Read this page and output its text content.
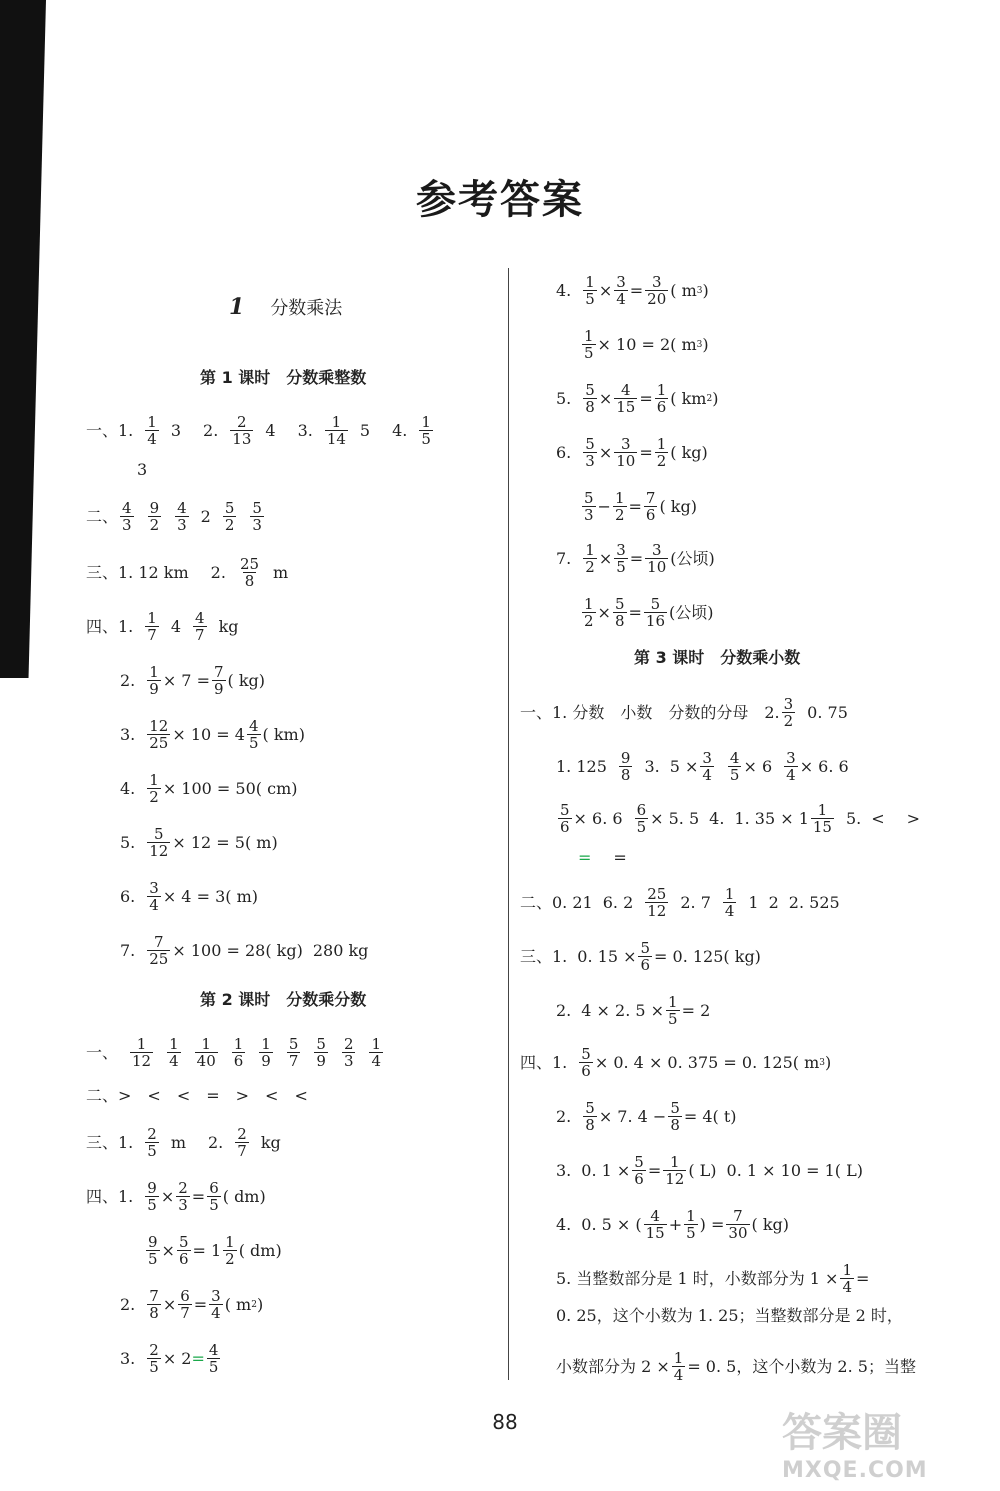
参考答案
1 分数乘法
第 1 课时　分数乘整数
一、1. $\frac{1}{4} 3$
2. $\frac{2}{13} 4$
3. $\frac{1}{14} 5$
4. $\frac{1}{5}$
3
二、 $\frac{4}{3} \frac{9}{2} \frac{4}{3} 2 \frac{5}{2} \frac{5}{3}$
三、1. 12 km 2. $\frac{25}{8}$ m
四、1. $\frac{1}{7} 4 \frac{4}{7}$ kg
2. $\frac{1}{9} \times 7 = \frac{7}{9}$ ( kg)
3. $\frac{12}{25} \times 10 = 4 \frac{4}{5}$ ( km)
4. $\frac{1}{2} \times 100 = 50$( cm)
5. $\frac{5}{12} \times 12 = 5$( m)
6. $\frac{3}{4} \times 4 = 3$( m)
7. $\frac{7}{25} \times 100 = 28$( kg) 280 kg
第 2 课时　分数乘分数
一、 $\frac{1}{12} \frac{1}{4} \frac{1}{40} \frac{1}{6} \frac{1}{9} \frac{5}{7} \frac{5}{9} \frac{2}{3} \frac{1}{4}$
二、>　<　<　=　>　<　<
三、1. $\frac{2}{5}$ m 2. $\frac{2}{7}$ kg
四、1. $\frac{9}{5} \times \frac{2}{3} = \frac{6}{5}$ ( dm)
$\frac{9}{5} \times \frac{5}{6} = 1 \frac{1}{2}$ ( dm)
2. $\frac{7}{8} \times \frac{6}{7} = \frac{3}{4}$ ( m 2 )
3. $\frac{2}{5} \times 2 = \frac{4}{5}$
4. $\frac{1}{5} \times \frac{3}{4} = \frac{3}{20}$ ( m 3 )
$\frac{1}{5} \times 10 = 2$( m 3 )
5. $\frac{5}{8} \times \frac{4}{15} = \frac{1}{6}$ ( km 2 )
6. $\frac{5}{3} \times \frac{3}{10} = \frac{1}{2}$ ( kg)
$\frac{5}{3} - \frac{1}{2} = \frac{7}{6}$ ( kg)
7. $\frac{1}{2} \times \frac{3}{5} = \frac{3}{10}$ (公顷)
$\frac{1}{2} \times \frac{5}{8} = \frac{5}{16}$ (公顷)
第 3 课时　分数乘小数
一、1. 分数　小数　分数的分母　2. $\frac{3}{2} 0$. 75
1. $125 \frac{9}{8} 3$. $5 \times \frac{3}{4} \frac{4}{5} \times 6 \frac{3}{4} \times 6$. 6
$\frac{5}{6} \times 6$. $6 \frac{6}{5} \times 5$. 5 4. 1. $35 \times 1 \frac{1}{15} 5$. < >
= =
二、0. 21 6. $2 \frac{25}{12} 2$. $7 \frac{1}{4} 1$ 2 2. 525
三、1. 0. $15 \times \frac{5}{6} = 0$. 125( kg)
2. 4 × 2. $5 \times \frac{1}{5} = 2$
四、1. $\frac{5}{6} \times 0$. 4 × 0. 375 = 0. 125( m 3 )
2. $\frac{5}{8} \times 7$. $4 - \frac{5}{8} = 4$( t)
3. 0. $1 \times \frac{5}{6} = \frac{1}{12}$ ( L) 0. 1 × 10 = 1( L)
4. 0. 5 × ( $\frac{4}{15} + \frac{1}{5}$ ) = $\frac{7}{30}$ ( kg)
5. 当整数部分是 1 时，小数部分为 $1 \times \frac{1}{4}$ =
0. 25，这个小数为 1. 25；当整数部分是 2 时，
小数部分为 $2 \times \frac{1}{4} = 0$. 5，这个小数为 2. 5；当整
88	答案圈
MXQE.COM
